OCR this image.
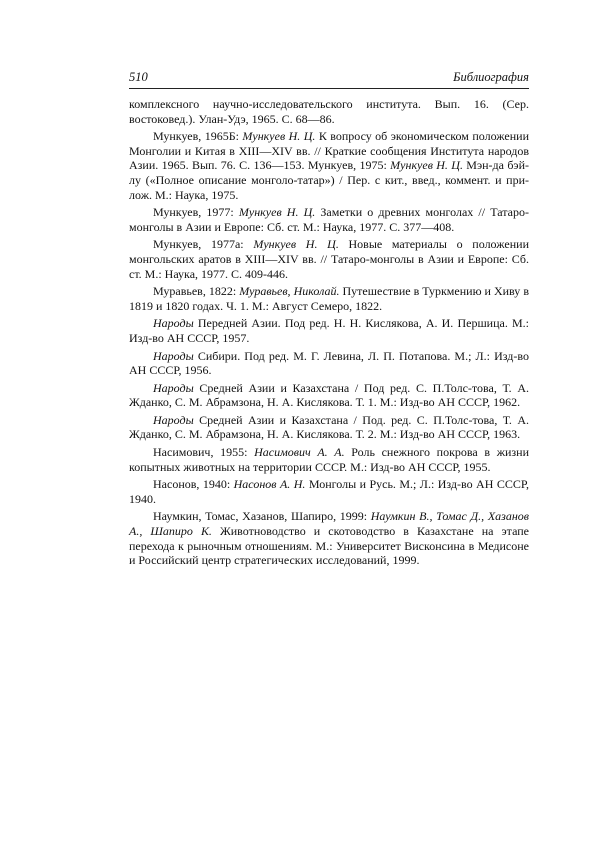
510	Библиография

комплексного научно-исследовательского института. Вып. 16. (Сер. востоковед.). Улан-Удэ, 1965. С. 68—86.

Мункуев, 1965Б: Мункуев Н. Ц. К вопросу об экономическом положении Монголии и Китая в XIII—XIV вв. // Краткие сообщения Института народов Азии. 1965. Вып. 76. С. 136—153. Мункуев, 1975: Мункуев Н. Ц. Мэн-да бэй-лу («Полное описание монголо-татар») / Пер. с кит., введ., коммент. и при-лож. М.: Наука, 1975.

Мункуев, 1977: Мункуев Н. Ц. Заметки о древних монголах // Татаро-монголы в Азии и Европе: Сб. ст. М.: Наука, 1977. С. 377—408.

Мункуев, 1977а: Мункуев Н. Ц. Новые материалы о положении монгольских аратов в XIII—XIV вв. // Татаро-монголы в Азии и Европе: Сб. ст. М.: Наука, 1977. С. 409-446.

Муравьев, 1822: Муравьев, Николай. Путешествие в Туркмению и Хиву в 1819 и 1820 годах. Ч. 1. М.: Август Семеро, 1822.

Народы Передней Азии. Под ред. Н. Н. Кислякова, А. И. Першица. М.: Изд-во АН СССР, 1957.

Народы Сибири. Под ред. М. Г. Левина, Л. П. Потапова. М.; Л.: Изд-во АН СССР, 1956.

Народы Средней Азии и Казахстана / Под ред. С. П.Толс-това, Т. А. Жданко, С. М. Абрамзона, Н. А. Кислякова. Т. 1. М.: Изд-во АН СССР, 1962.

Народы Средней Азии и Казахстана / Под. ред. С. П.Толс-това, Т. А. Жданко, С. М. Абрамзона, Н. А. Кислякова. Т. 2. М.: Изд-во АН СССР, 1963.

Насимович, 1955: Насимович А. А. Роль снежного покрова в жизни копытных животных на территории СССР. М.: Изд-во АН СССР, 1955.

Насонов, 1940: Насонов А. Н. Монголы и Русь. М.; Л.: Изд-во АН СССР, 1940.

Наумкин, Томас, Хазанов, Шапиро, 1999: Наумкин В., Томас Д., Хазанов А., Шапиро К. Животноводство и скотоводство в Казахстане на этапе перехода к рыночным отношениям. М.: Университет Висконсина в Медисоне и Российский центр стратегических исследований, 1999.
